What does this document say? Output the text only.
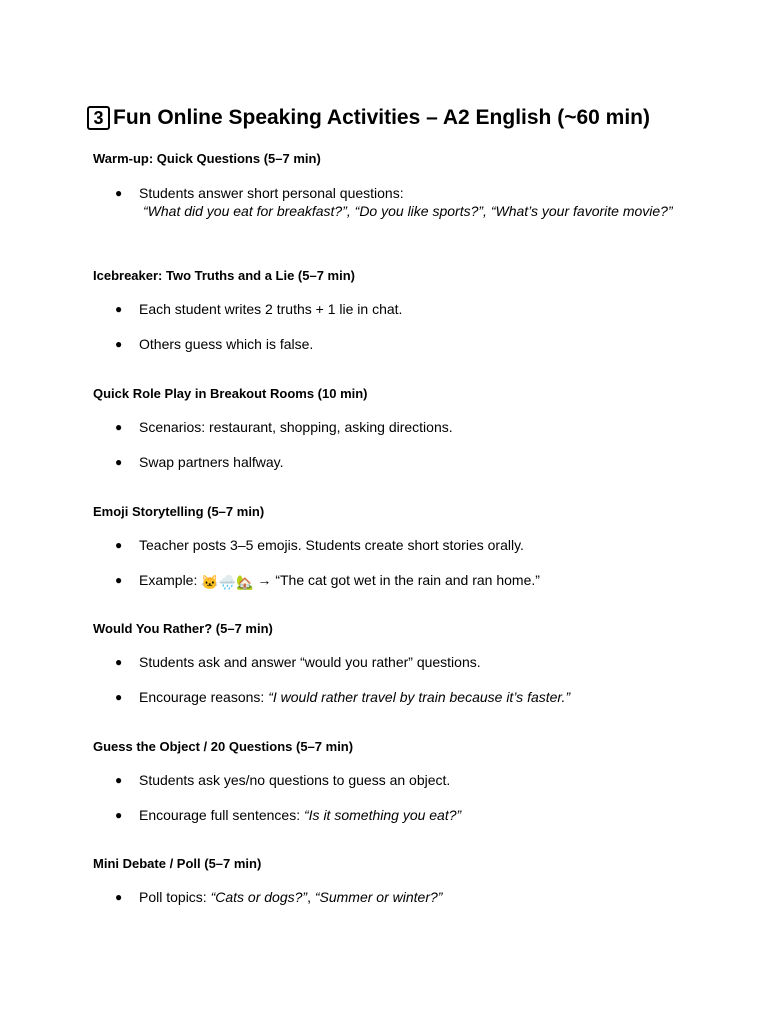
3 Fun Online Speaking Activities – A2 English (~60 min)

Warm-up: Quick Questions (5–7 min)

● Students answer short personal questions:
“What did you eat for breakfast?”, “Do you like sports?”, “What’s your favorite movie?”

Icebreaker: Two Truths and a Lie (5–7 min)

● Each student writes 2 truths + 1 lie in chat.
● Others guess which is false.

Quick Role Play in Breakout Rooms (10 min)

● Scenarios: restaurant, shopping, asking directions.
● Swap partners halfway.

Emoji Storytelling (5–7 min)

● Teacher posts 3–5 emojis. Students create short stories orally.
● Example: 🐱🌧️🏡 → “The cat got wet in the rain and ran home.”

Would You Rather? (5–7 min)

● Students ask and answer “would you rather” questions.
● Encourage reasons: “I would rather travel by train because it’s faster.”

Guess the Object / 20 Questions (5–7 min)

● Students ask yes/no questions to guess an object.
● Encourage full sentences: “Is it something you eat?”

Mini Debate / Poll (5–7 min)

● Poll topics: “Cats or dogs?”, “Summer or winter?”
